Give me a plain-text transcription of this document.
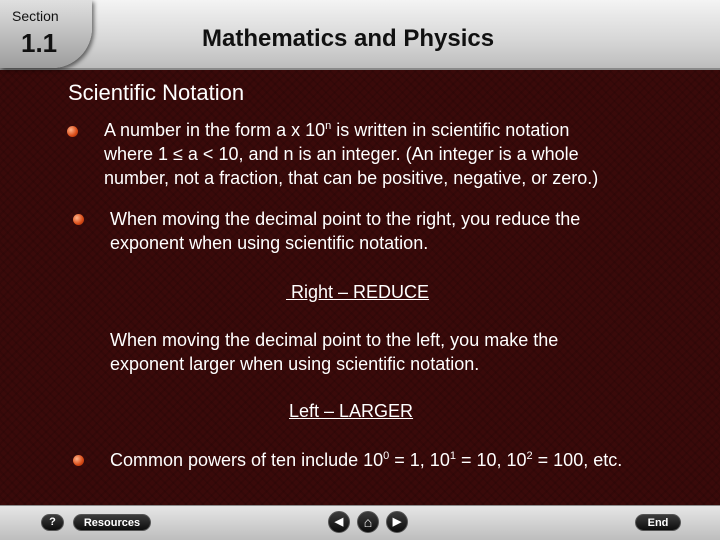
Section
1.1	Mathematics and Physics
Scientific Notation
A number in the form a x 10$^n$ is written in scientific notation
where 1 ≤ a < 10, and n is an integer. (An integer is a whole
number, not a fraction, that can be positive, negative, or zero.)
When moving the decimal point to the right, you reduce the
exponent when using scientific notation.
Right – REDUCE
When moving the decimal point to the left, you make the
exponent larger when using scientific notation.
Left – LARGER
Common powers of ten include $10^0 = 1$, $10^1 = 10$, $10^2 = 100$, etc.
?	Resources	◀ ⌂ ▶	End
